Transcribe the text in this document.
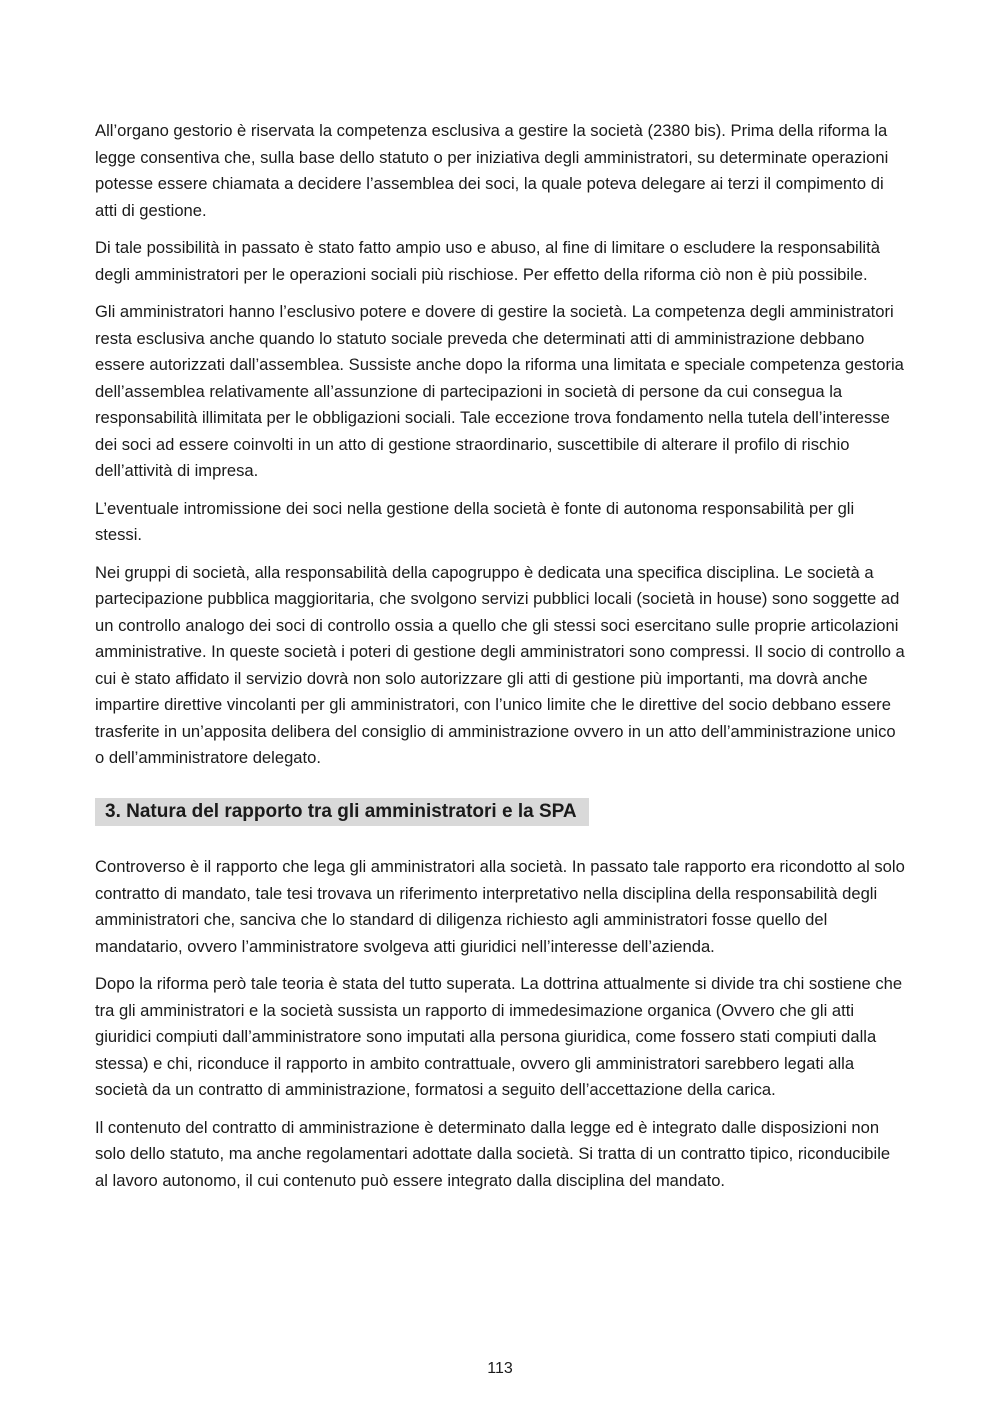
All’organo gestorio è riservata la competenza esclusiva a gestire la società (2380 bis). Prima della riforma la legge consentiva che, sulla base dello statuto o per iniziativa degli amministratori, su determinate operazioni potesse essere chiamata a decidere l’assemblea dei soci, la quale poteva delegare ai terzi il compimento di atti di gestione.

Di tale possibilità in passato è stato fatto ampio uso e abuso, al fine di limitare o escludere la responsabilità degli amministratori per le operazioni sociali più rischiose. Per effetto della riforma ciò non è più possibile.

Gli amministratori hanno l’esclusivo potere e dovere di gestire la società. La competenza degli amministratori resta esclusiva anche quando lo statuto sociale preveda che determinati atti di amministrazione debbano essere autorizzati dall’assemblea. Sussiste anche dopo la riforma una limitata e speciale competenza gestoria dell’assemblea relativamente all’assunzione di partecipazioni in società di persone da cui consegua la responsabilità illimitata per le obbligazioni sociali. Tale eccezione trova fondamento nella tutela dell’interesse dei soci ad essere coinvolti in un atto di gestione straordinario, suscettibile di alterare il profilo di rischio dell’attività di impresa.

L’eventuale intromissione dei soci nella gestione della società è fonte di autonoma responsabilità per gli stessi.

Nei gruppi di società, alla responsabilità della capogruppo è dedicata una specifica disciplina. Le società a partecipazione pubblica maggioritaria, che svolgono servizi pubblici locali (società in house) sono soggette ad un controllo analogo dei soci di controllo ossia a quello che gli stessi soci esercitano sulle proprie articolazioni amministrative. In queste società i poteri di gestione degli amministratori sono compressi. Il socio di controllo a cui è stato affidato il servizio dovrà non solo autorizzare gli atti di gestione più importanti, ma dovrà anche impartire direttive vincolanti per gli amministratori, con l’unico limite che le direttive del socio debbano essere trasferite in un’apposita delibera del consiglio di amministrazione ovvero in un atto dell’amministrazione unico o dell’amministratore delegato.

3. Natura del rapporto tra gli amministratori e la SPA

Controverso è il rapporto che lega gli amministratori alla società. In passato tale rapporto era ricondotto al solo contratto di mandato, tale tesi trovava un riferimento interpretativo nella disciplina della responsabilità degli amministratori che, sanciva che lo standard di diligenza richiesto agli amministratori fosse quello del mandatario, ovvero l’amministratore svolgeva atti giuridici nell’interesse dell’azienda.

Dopo la riforma però tale teoria è stata del tutto superata. La dottrina attualmente si divide tra chi sostiene che tra gli amministratori e la società sussista un rapporto di immedesimazione organica (Ovvero che gli atti giuridici compiuti dall’amministratore sono imputati alla persona giuridica, come fossero stati compiuti dalla stessa) e chi, riconduce il rapporto in ambito contrattuale, ovvero gli amministratori sarebbero legati alla società da un contratto di amministrazione, formatosi a seguito dell’accettazione della carica.

Il contenuto del contratto di amministrazione è determinato dalla legge ed è integrato dalle disposizioni non solo dello statuto, ma anche regolamentari adottate dalla società. Si tratta di un contratto tipico, riconducibile al lavoro autonomo, il cui contenuto può essere integrato dalla disciplina del mandato.

113
